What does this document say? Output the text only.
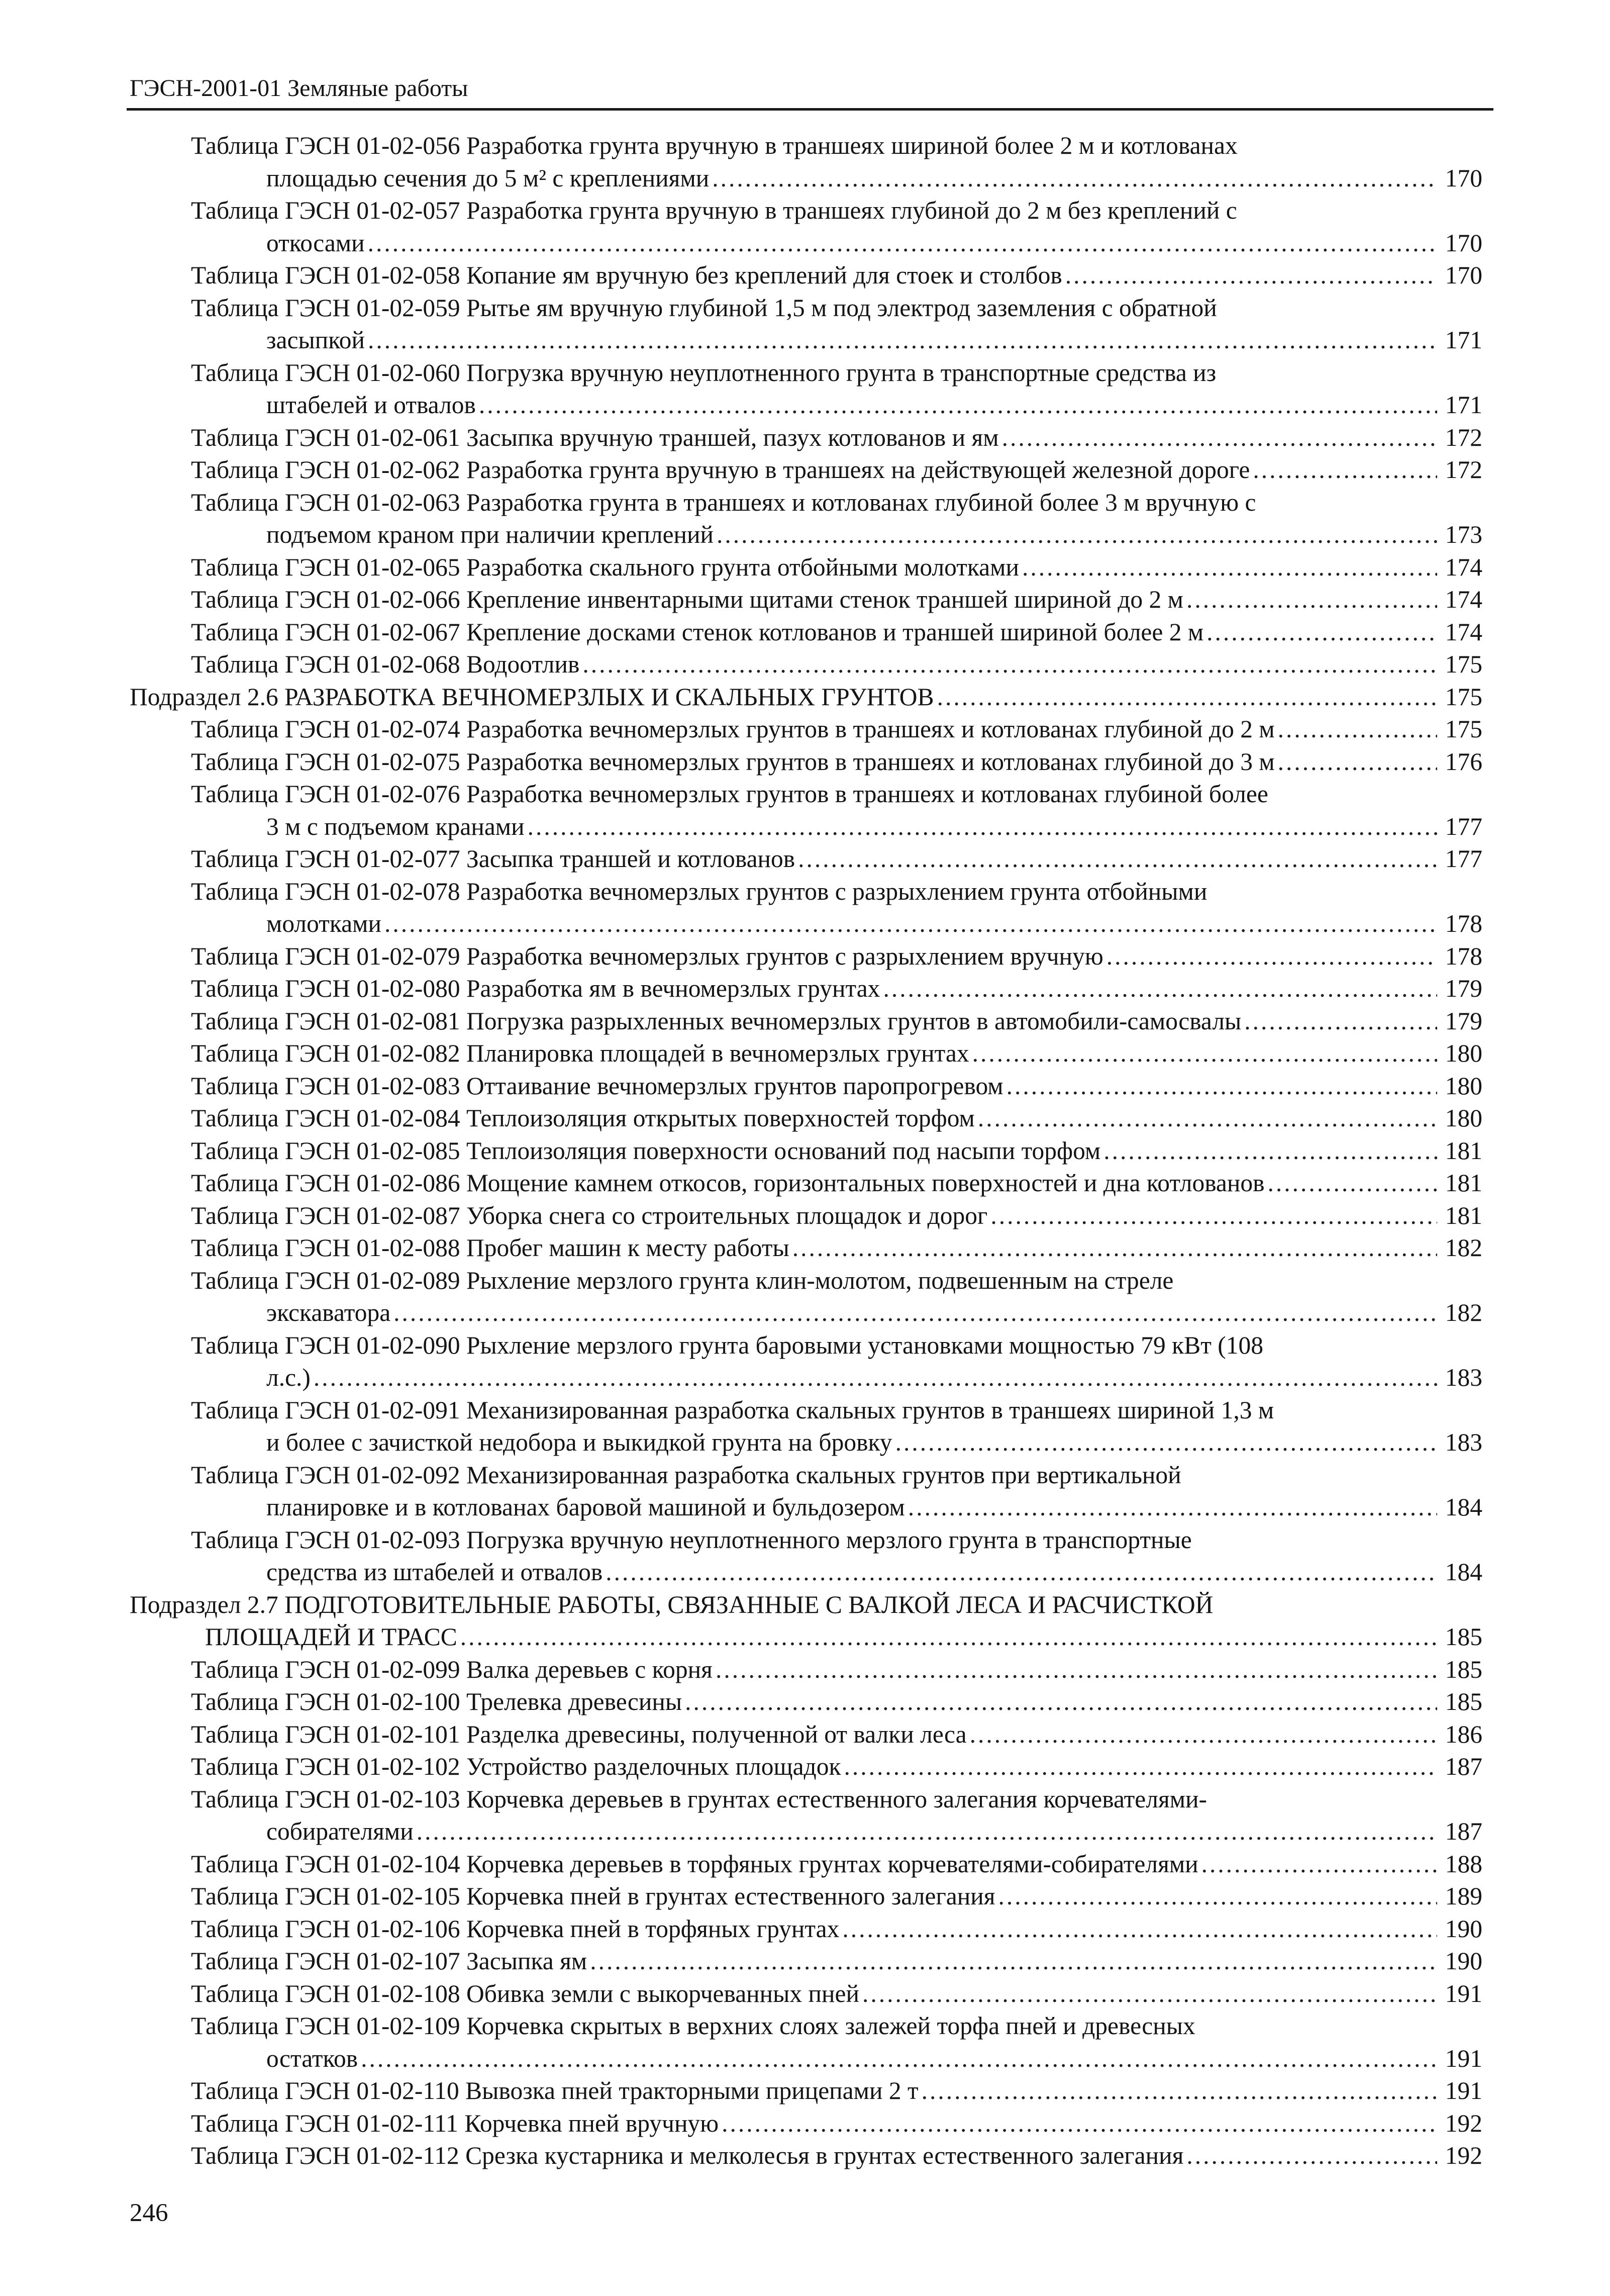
ГЭСН-2001-01 Земляные работы
Таблица ГЭСН 01-02-056 Разработка грунта вручную в траншеях шириной более 2 м и котлованах
площадью сечения до 5 м² с креплениями .....	170
Таблица ГЭСН 01-02-057 Разработка грунта вручную в траншеях глубиной до 2 м без креплений с
откосами .....	170
Таблица ГЭСН 01-02-058 Копание ям вручную без креплений для стоек и столбов .....	170
Таблица ГЭСН 01-02-059 Рытье ям вручную глубиной 1,5 м под электрод заземления с обратной
засыпкой .....	171
Таблица ГЭСН 01-02-060 Погрузка вручную неуплотненного грунта в транспортные средства из
штабелей и отвалов .....	171
Таблица ГЭСН 01-02-061 Засыпка вручную траншей, пазух котлованов и ям .....	172
Таблица ГЭСН 01-02-062 Разработка грунта вручную в траншеях на действующей железной дороге .....	172
Таблица ГЭСН 01-02-063 Разработка грунта в траншеях и котлованах глубиной более 3 м вручную с
подъемом краном при наличии креплений .....	173
Таблица ГЭСН 01-02-065 Разработка скального грунта отбойными молотками .....	174
Таблица ГЭСН 01-02-066 Крепление инвентарными щитами стенок траншей шириной до 2 м .....	174
Таблица ГЭСН 01-02-067 Крепление досками стенок котлованов и траншей шириной более 2 м .....	174
Таблица ГЭСН 01-02-068 Водоотлив .....	175
Подраздел 2.6 РАЗРАБОТКА ВЕЧНОМЕРЗЛЫХ И СКАЛЬНЫХ ГРУНТОВ .....	175
Таблица ГЭСН 01-02-074 Разработка вечномерзлых грунтов в траншеях и котлованах глубиной до 2 м .....	175
Таблица ГЭСН 01-02-075 Разработка вечномерзлых грунтов в траншеях и котлованах глубиной до 3 м .....	176
Таблица ГЭСН 01-02-076 Разработка вечномерзлых грунтов в траншеях и котлованах глубиной более
3 м с подъемом кранами .....	177
Таблица ГЭСН 01-02-077 Засыпка траншей и котлованов .....	177
Таблица ГЭСН 01-02-078 Разработка вечномерзлых грунтов с разрыхлением грунта отбойными
молотками .....	178
Таблица ГЭСН 01-02-079 Разработка вечномерзлых грунтов с разрыхлением вручную .....	178
Таблица ГЭСН 01-02-080 Разработка ям в вечномерзлых грунтах .....	179
Таблица ГЭСН 01-02-081 Погрузка разрыхленных вечномерзлых грунтов в автомобили-самосвалы .....	179
Таблица ГЭСН 01-02-082 Планировка площадей в вечномерзлых грунтах .....	180
Таблица ГЭСН 01-02-083 Оттаивание вечномерзлых грунтов паропрогревом .....	180
Таблица ГЭСН 01-02-084 Теплоизоляция открытых поверхностей торфом .....	180
Таблица ГЭСН 01-02-085 Теплоизоляция поверхности оснований под насыпи торфом .....	181
Таблица ГЭСН 01-02-086 Мощение камнем откосов, горизонтальных поверхностей и дна котлованов .....	181
Таблица ГЭСН 01-02-087 Уборка снега со строительных площадок и дорог .....	181
Таблица ГЭСН 01-02-088 Пробег машин к месту работы .....	182
Таблица ГЭСН 01-02-089 Рыхление мерзлого грунта клин-молотом, подвешенным на стреле
экскаватора .....	182
Таблица ГЭСН 01-02-090 Рыхление мерзлого грунта баровыми установками мощностью 79 кВт (108
л.с.) .....	183
Таблица ГЭСН 01-02-091 Механизированная разработка скальных грунтов в траншеях шириной 1,3 м
и более с зачисткой недобора и выкидкой грунта на бровку .....	183
Таблица ГЭСН 01-02-092 Механизированная разработка скальных грунтов при вертикальной
планировке и в котлованах баровой машиной и бульдозером .....	184
Таблица ГЭСН 01-02-093 Погрузка вручную неуплотненного мерзлого грунта в транспортные
средства из штабелей и отвалов .....	184
Подраздел 2.7 ПОДГОТОВИТЕЛЬНЫЕ РАБОТЫ, СВЯЗАННЫЕ С ВАЛКОЙ ЛЕСА И РАСЧИСТКОЙ
ПЛОЩАДЕЙ И ТРАСС .....	185
Таблица ГЭСН 01-02-099 Валка деревьев с корня .....	185
Таблица ГЭСН 01-02-100 Трелевка древесины .....	185
Таблица ГЭСН 01-02-101 Разделка древесины, полученной от валки леса .....	186
Таблица ГЭСН 01-02-102 Устройство разделочных площадок .....	187
Таблица ГЭСН 01-02-103 Корчевка деревьев в грунтах естественного залегания корчевателями-
собирателями .....	187
Таблица ГЭСН 01-02-104 Корчевка деревьев в торфяных грунтах корчевателями-собирателями .....	188
Таблица ГЭСН 01-02-105 Корчевка пней в грунтах естественного залегания .....	189
Таблица ГЭСН 01-02-106 Корчевка пней в торфяных грунтах .....	190
Таблица ГЭСН 01-02-107 Засыпка ям .....	190
Таблица ГЭСН 01-02-108 Обивка земли с выкорчеванных пней .....	191
Таблица ГЭСН 01-02-109 Корчевка скрытых в верхних слоях залежей торфа пней и древесных
остатков .....	191
Таблица ГЭСН 01-02-110 Вывозка пней тракторными прицепами 2 т .....	191
Таблица ГЭСН 01-02-111 Корчевка пней вручную .....	192
Таблица ГЭСН 01-02-112 Срезка кустарника и мелколесья в грунтах естественного залегания .....	192
246
